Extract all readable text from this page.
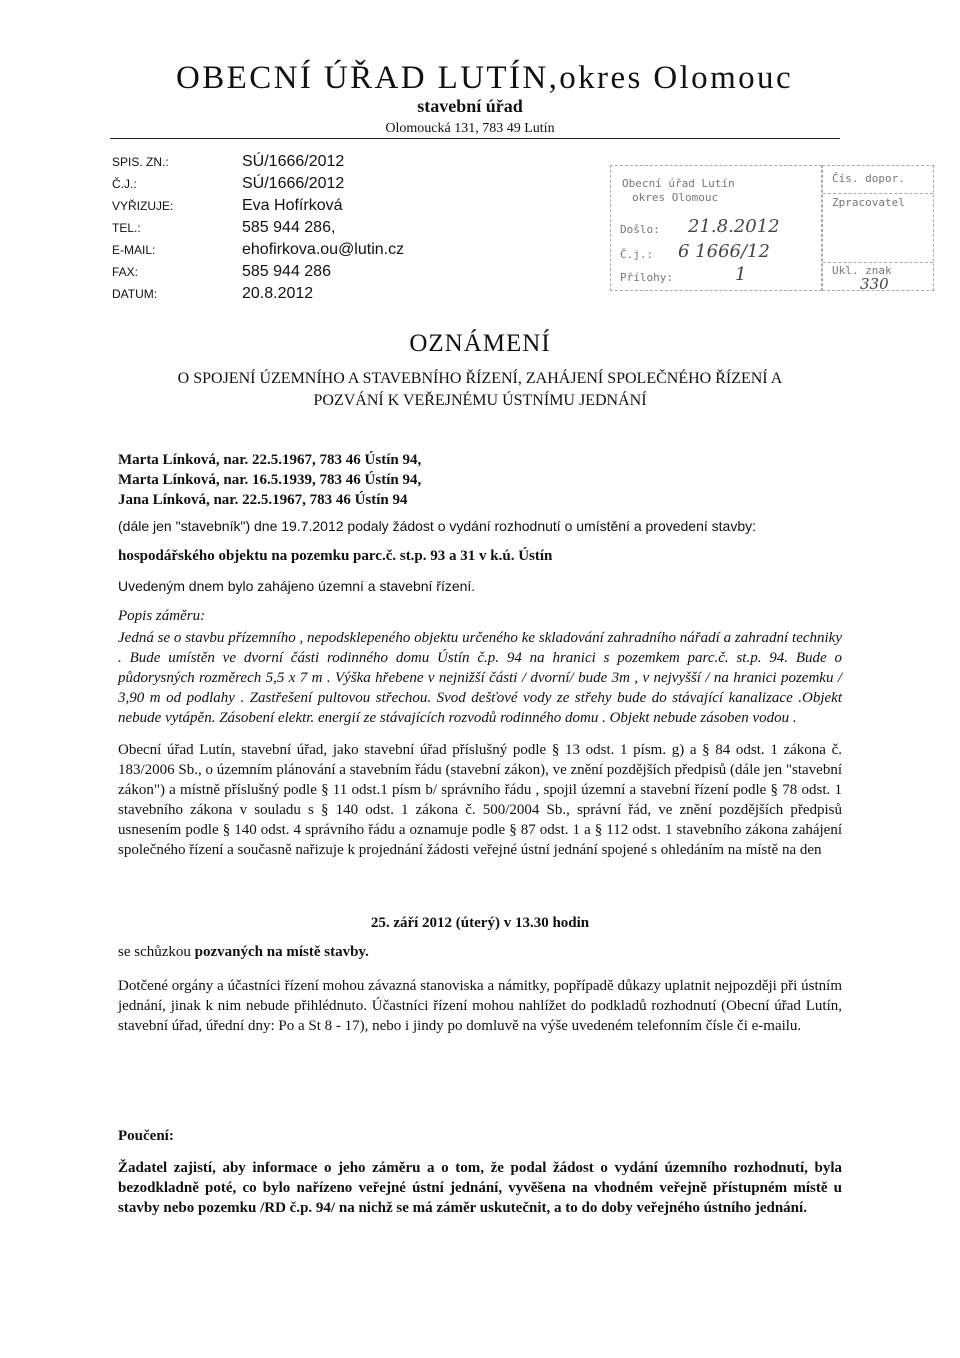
OBECNÍ ÚŘAD LUTÍN,okres Olomouc
stavební úřad
Olomoucká 131, 783 49 Lutín
SPIS. ZN.:	SÚ/1666/2012
Č.J.:	SÚ/1666/2012
VYŘIZUJE:	Eva Hofírková
TEL.:	585 944 286,
E-MAIL:	ehofirkova.ou@lutin.cz
FAX:	585 944 286
DATUM:	20.8.2012
Obecní úřad Lutín
okres Olomouc
Došlo: 21.8.2012
Č.j.: 6 1666/12
Přílohy:	1
Čís. dopor.
Zpracovatel
Ukl. znak
330
OZNÁMENÍ
O SPOJENÍ ÚZEMNÍHO A STAVEBNÍHO ŘÍZENÍ, ZAHÁJENÍ SPOLEČNÉHO ŘÍZENÍ A
POZVÁNÍ K VEŘEJNÉMU ÚSTNÍMU JEDNÁNÍ
Marta Línková, nar. 22.5.1967, 783 46 Ústín 94,
Marta Línková, nar. 16.5.1939, 783 46 Ústín 94,
Jana Línková, nar. 22.5.1967, 783 46 Ústín 94
(dále jen "stavebník") dne 19.7.2012 podaly žádost o vydání rozhodnutí o umístění a provedení stavby:
hospodářského objektu na pozemku parc.č. st.p. 93 a 31 v k.ú. Ústín
Uvedeným dnem bylo zahájeno územní a stavební řízení.
Popis záměru:
Jedná se o stavbu přízemního , nepodsklepeného objektu určeného ke skladování zahradního nářadí a zahradní techniky . Bude umístěn ve dvorní části rodinného domu Ústín č.p. 94 na hranici s pozemkem parc.č. st.p. 94. Bude o půdorysných rozměrech 5,5 x 7 m . Výška hřebene v nejnižší části / dvorní/ bude 3m , v nejvyšší / na hranici pozemku / 3,90 m od podlahy . Zastřešení pultovou střechou. Svod dešťové vody ze střehy bude do stávající kanalizace .Objekt nebude vytápěn. Zásobení elektr. energií ze stávajících rozvodů rodinného domu . Objekt nebude zásoben vodou .
Obecní úřad Lutín, stavební úřad, jako stavební úřad příslušný podle § 13 odst. 1 písm. g) a § 84 odst. 1 zákona č. 183/2006 Sb., o územním plánování a stavebním řádu (stavební zákon), ve znění pozdějších předpisů (dále jen "stavební zákon") a místně příslušný podle § 11 odst.1 písm b/ správního řádu , spojil územní a stavební řízení podle § 78 odst. 1 stavebního zákona v souladu s § 140 odst. 1 zákona č. 500/2004 Sb., správní řád, ve znění pozdějších předpisů usnesením podle § 140 odst. 4 správního řádu a oznamuje podle § 87 odst. 1 a § 112 odst. 1 stavebního zákona zahájení společného řízení a současně nařizuje k projednání žádosti veřejné ústní jednání spojené s ohledáním na místě na den
25. září 2012 (úterý) v 13.30 hodin
se schůzkou pozvaných na místě stavby.
Dotčené orgány a účastníci řízení mohou závazná stanoviska a námitky, popřípadě důkazy uplatnit nejpozději při ústním jednání, jinak k nim nebude přihlédnuto. Účastníci řízení mohou nahlížet do podkladů rozhodnutí (Obecní úřad Lutín, stavební úřad, úřední dny: Po a St 8 - 17), nebo i jindy po domluvě na výše uvedeném telefonním čísle či e-mailu.
Poučení:
Žadatel zajistí, aby informace o jeho záměru a o tom, že podal žádost o vydání územního rozhodnutí, byla bezodkladně poté, co bylo nařízeno veřejné ústní jednání, vyvěšena na vhodném veřejně přístupném místě u stavby nebo pozemku /RD č.p. 94/ na nichž se má záměr uskutečnit, a to do doby veřejného ústního jednání.
